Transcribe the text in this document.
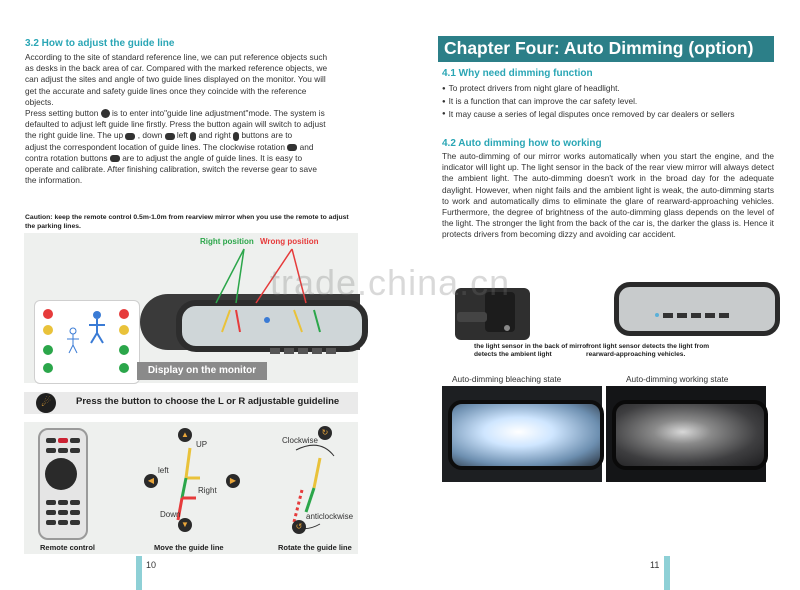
3.2 How to adjust the guide line
According to the site of standard reference line, we can put reference objects such
as desks in the back area of car. Compared with the marked reference objects, we
can adjust the sites and angle of two guide lines displayed on the monitor. You will
get the accurate and safety guide lines once they coincide with the reference
objects.
Press setting button is to enter into"guide line adjustment"mode. The system is
defaulted to adjust left guide line firstly. Press the button again will switch to adjust
the right guide line. The up , down left and right buttons are to
adjust the correspondent location of guide lines. The clockwise rotation and
contra rotation buttons are to adjust the angle of guide lines. It is easy to
operate and calibrate. After finishing calibration, switch the reverse gear to save
the information.
Caution: keep the remote control 0.5m-1.0m from rearview mirror when you use the remote to adjust the parking lines.
Right position Wrong position
Display on the monitor
☄	Press the button to choose the L or R adjustable guideline
▲
◀	▶
▼
UP
left
Right
Down
↻
↺
Clockwise
anticlockwise
Remote control	Move the guide line	Rotate the guide line
10
Chapter Four: Auto Dimming (option)
4.1 Why need dimming function
● To protect drivers from night glare of headlight.
● It is a function that can improve the car safety level.
● It may cause a series of legal disputes once removed by car dealers or sellers
4.2 Auto dimming how to working
The auto-dimming of our mirror works automatically when you start the engine, and the indicator will light up. The light sensor in the back of the rear view mirror will always detect the ambient light. The auto-dimming doesn't work in the broad day for the adequate daylight. However, when night fails and the ambient light is weak, the auto-dimming starts to work and automatically dims to eliminate the glare of rearward-approaching vehicles. Furthermore, the degree of brightness of the auto-dimming glass depends on the level of the light. The stronger the light from the back of the car is, the darker the glass is. Hence it protects drivers from becoming dizzy and avoiding car accident.
the light sensor in the back of mirror detects the ambient light
front light sensor detects the light from rearward-approaching vehicles.
Auto-dimming bleaching state	Auto-dimming working state
11
trade.china.cn
